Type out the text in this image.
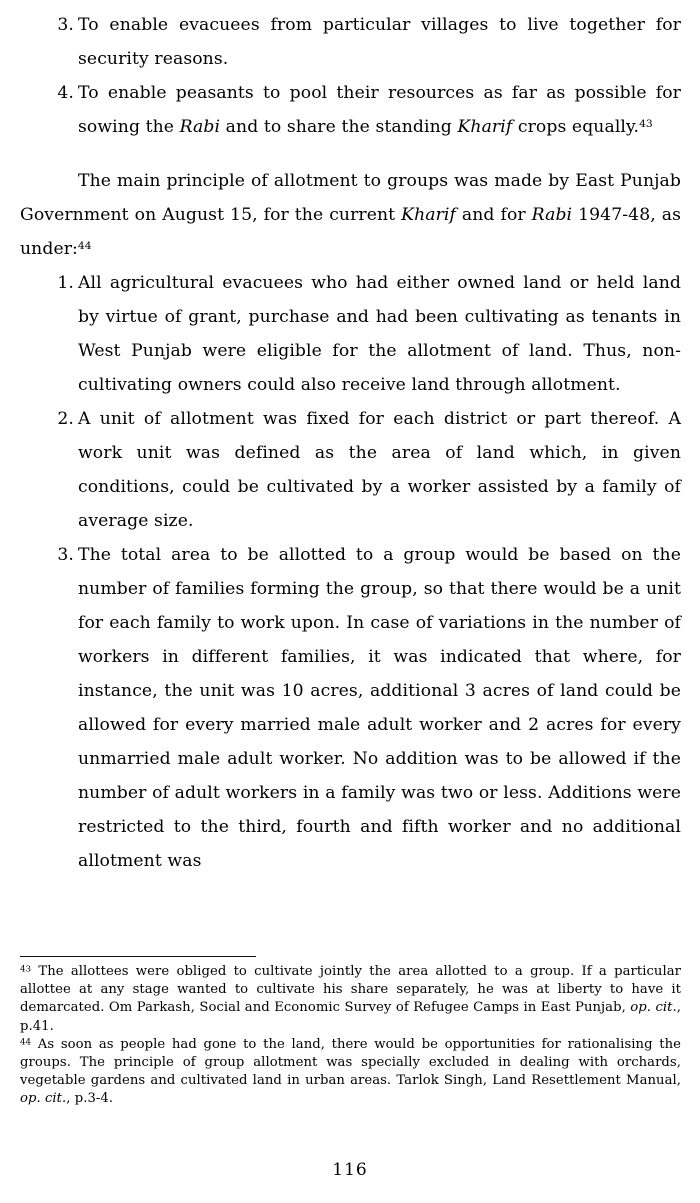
3. To enable evacuees from particular villages to live together for security reasons.
4. To enable peasants to pool their resources as far as possible for sowing the Rabi and to share the standing Kharif crops equally.$^{43}$

The main principle of allotment to groups was made by East Punjab Government on August 15, for the current Kharif and for Rabi 1947-48, as under:$^{44}$

1. All agricultural evacuees who had either owned land or held land by virtue of grant, purchase and had been cultivating as tenants in West Punjab were eligible for the allotment of land. Thus, non-cultivating owners could also receive land through allotment.
2. A unit of allotment was fixed for each district or part thereof. A work unit was defined as the area of land which, in given conditions, could be cultivated by a worker assisted by a family of average size.
3. The total area to be allotted to a group would be based on the number of families forming the group, so that there would be a unit for each family to work upon. In case of variations in the number of workers in different families, it was indicated that where, for instance, the unit was 10 acres, additional 3 acres of land could be allowed for every married male adult worker and 2 acres for every unmarried male adult worker. No addition was to be allowed if the number of adult workers in a family was two or less. Additions were restricted to the third, fourth and fifth worker and no additional allotment was

$^{43}$ The allottees were obliged to cultivate jointly the area allotted to a group. If a particular allottee at any stage wanted to cultivate his share separately, he was at liberty to have it demarcated. Om Parkash, Social and Economic Survey of Refugee Camps in East Punjab, op. cit., p.41.

$^{44}$ As soon as people had gone to the land, there would be opportunities for rationalising the groups. The principle of group allotment was specially excluded in dealing with orchards, vegetable gardens and cultivated land in urban areas. Tarlok Singh, Land Resettlement Manual, op. cit., p.3-4.

116
